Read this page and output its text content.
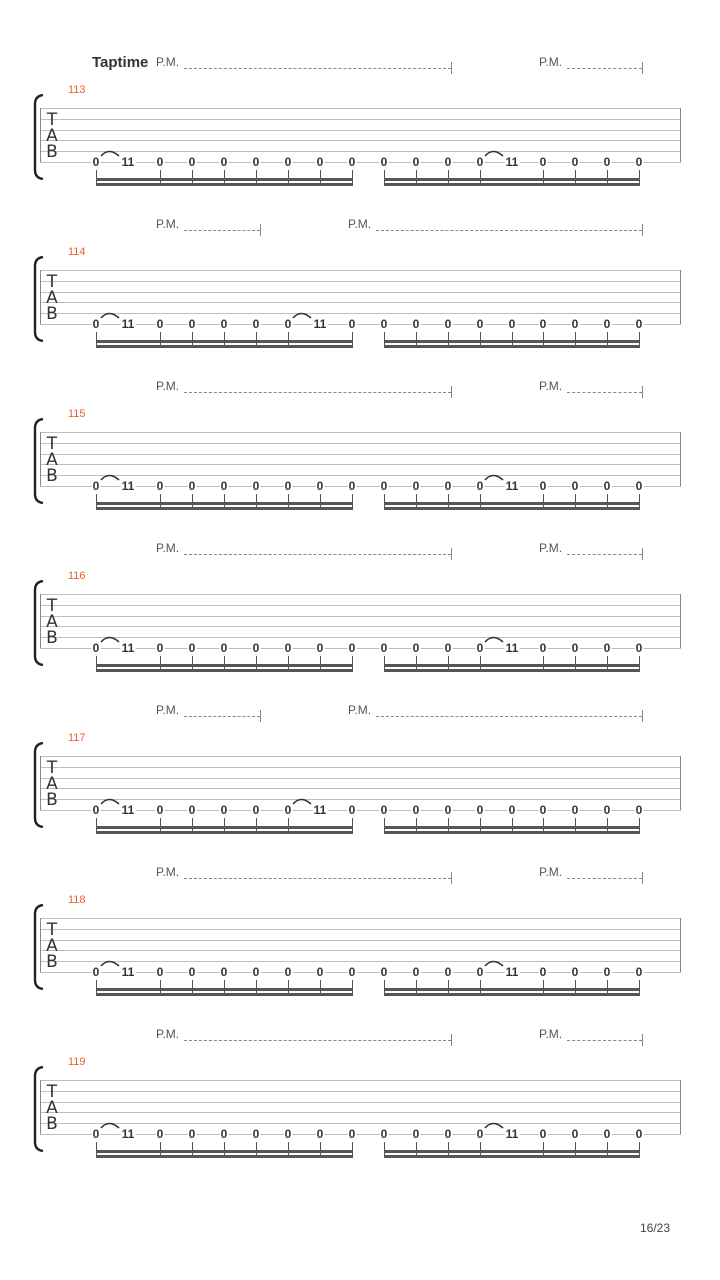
Taptime
113
P.M.	P.M.
T
A
B	0 11 0 0 0 0 0 0 0 0 0 0 0 11 0 0 0 0
114
P.M.	P.M.
T
A
B	0 11 0 0 0 0 0 11 0 0 0 0 0 0 0 0 0 0
115
P.M.	P.M.
T
A
B	0 11 0 0 0 0 0 0 0 0 0 0 0 11 0 0 0 0
116
P.M.	P.M.
T
A
B	0 11 0 0 0 0 0 0 0 0 0 0 0 11 0 0 0 0
117
P.M.	P.M.
T
A
B	0 11 0 0 0 0 0 11 0 0 0 0 0 0 0 0 0 0
118
P.M.	P.M.
T
A
B	0 11 0 0 0 0 0 0 0 0 0 0 0 11 0 0 0 0
119
P.M.	P.M.
T
A
B	0 11 0 0 0 0 0 0 0 0 0 0 0 11 0 0 0 0
16/23
